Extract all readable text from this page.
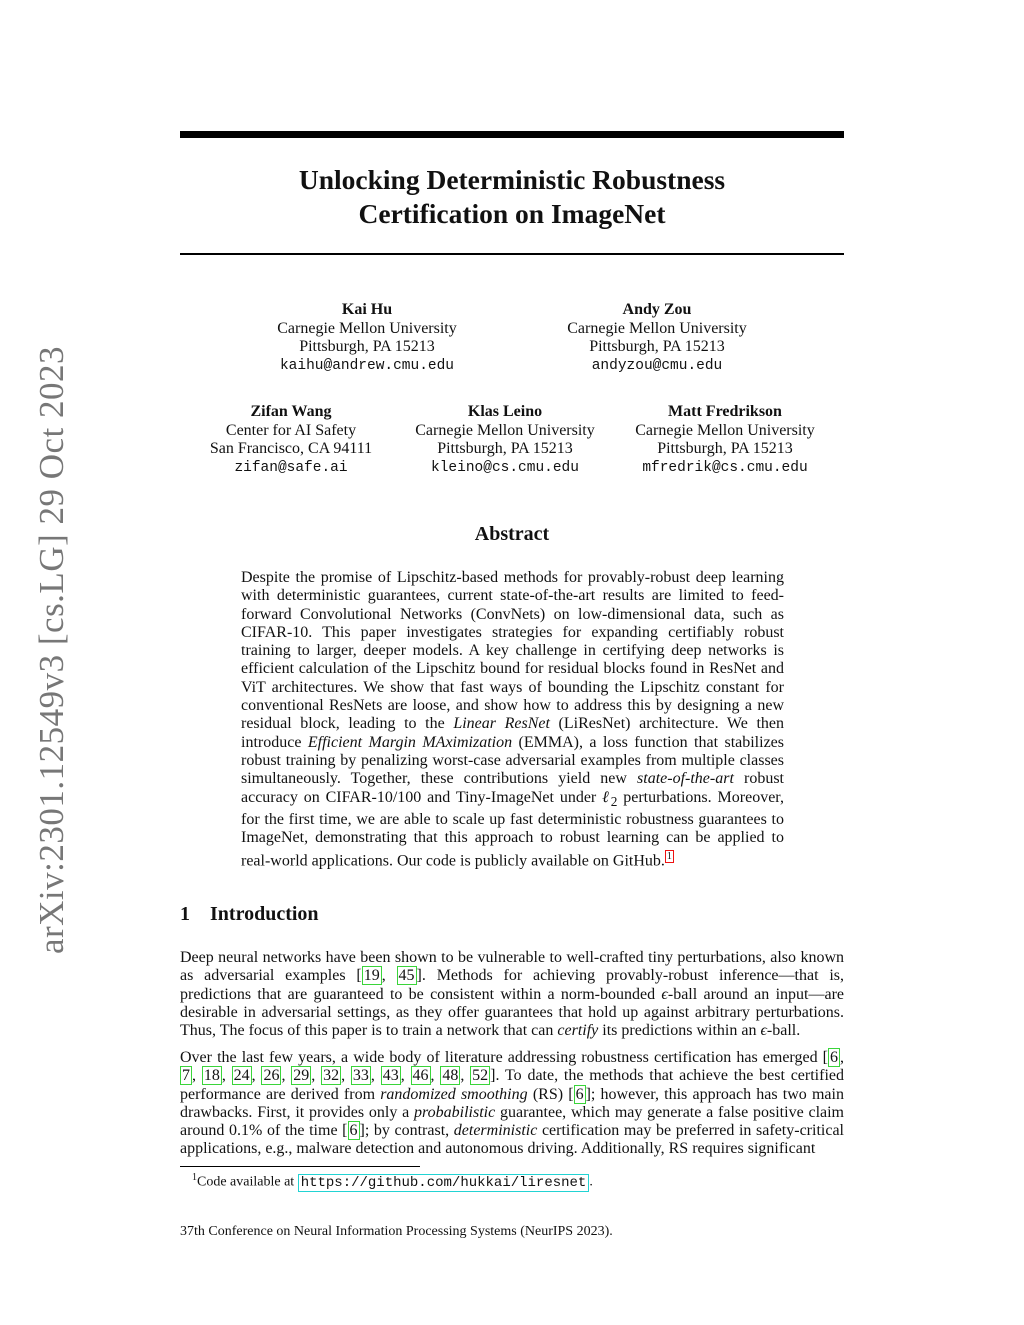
arXiv:2301.12549v3 [cs.LG] 29 Oct 2023
Unlocking Deterministic Robustness
Certification on ImageNet
Kai Hu
Carnegie Mellon University
Pittsburgh, PA 15213
kaihu@andrew.cmu.edu
Andy Zou
Carnegie Mellon University
Pittsburgh, PA 15213
andyzou@cmu.edu
Zifan Wang
Center for AI Safety
San Francisco, CA 94111
zifan@safe.ai
Klas Leino
Carnegie Mellon University
Pittsburgh, PA 15213
kleino@cs.cmu.edu
Matt Fredrikson
Carnegie Mellon University
Pittsburgh, PA 15213
mfredrik@cs.cmu.edu
Abstract
Despite the promise of Lipschitz-based methods for provably-robust deep learning with deterministic guarantees, current state-of-the-art results are limited to feed-forward Convolutional Networks (ConvNets) on low-dimensional data, such as CIFAR-10. This paper investigates strategies for expanding certifiably robust training to larger, deeper models. A key challenge in certifying deep networks is efficient calculation of the Lipschitz bound for residual blocks found in ResNet and ViT architectures. We show that fast ways of bounding the Lipschitz constant for conventional ResNets are loose, and show how to address this by designing a new residual block, leading to the Linear ResNet (LiResNet) architecture. We then introduce Efficient Margin MAximization (EMMA), a loss function that stabilizes robust training by penalizing worst-case adversarial examples from multiple classes simultaneously. Together, these contributions yield new state-of-the-art robust accuracy on CIFAR-10/100 and Tiny-ImageNet under ℓ$_2$ perturbations. Moreover, for the first time, we are able to scale up fast deterministic robustness guarantees to ImageNet, demonstrating that this approach to robust learning can be applied to real-world applications. Our code is publicly available on GitHub. $^1$
1 Introduction
Deep neural networks have been shown to be vulnerable to well-crafted tiny perturbations, also known as adversarial examples [ 19 , 45 ]. Methods for achieving provably-robust inference—that is, predictions that are guaranteed to be consistent within a norm-bounded ϵ-ball around an input—are desirable in adversarial settings, as they offer guarantees that hold up against arbitrary perturbations. Thus, The focus of this paper is to train a network that can certify its predictions within an ϵ-ball.
Over the last few years, a wide body of literature addressing robustness certification has emerged [ 6 , 7 , 18 , 24 , 26 , 29 , 32 , 33 , 43 , 46 , 48 , 52 ]. To date, the methods that achieve the best certified performance are derived from randomized smoothing (RS) [ 6 ]; however, this approach has two main drawbacks. First, it provides only a probabilistic guarantee, which may generate a false positive claim around 0.1% of the time [ 6 ]; by contrast, deterministic certification may be preferred in safety-critical applications, e.g., malware detection and autonomous driving. Additionally, RS requires significant
$^1$Code available at https://github.com/hukkai/liresnet .
37th Conference on Neural Information Processing Systems (NeurIPS 2023).
